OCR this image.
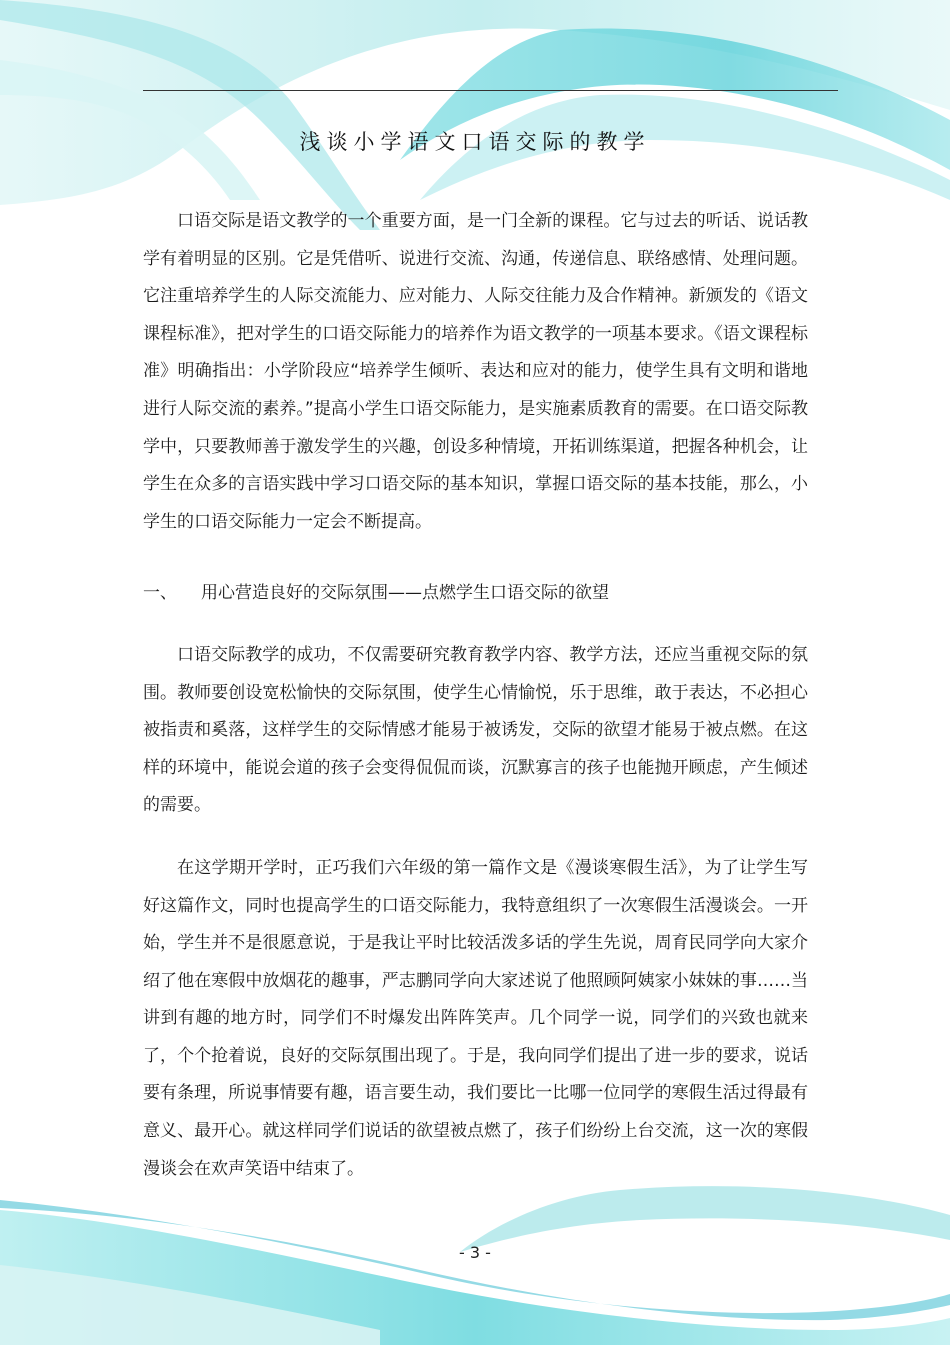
浅谈小学语文口语交际的教学

口语交际是语文教学的一个重要方面，是一门全新的课程。它与过去的听话、说话教学有着明显的区别。它是凭借听、说进行交流、沟通，传递信息、联络感情、处理问题。它注重培养学生的人际交流能力、应对能力、人际交往能力及合作精神。新颁发的《语文课程标准》，把对学生的口语交际能力的培养作为语文教学的一项基本要求。《语文课程标准》明确指出：小学阶段应“培养学生倾听、表达和应对的能力，使学生具有文明和谐地进行人际交流的素养。”提高小学生口语交际能力，是实施素质教育的需要。在口语交际教学中，只要教师善于激发学生的兴趣，创设多种情境，开拓训练渠道，把握各种机会，让学生在众多的言语实践中学习口语交际的基本知识，掌握口语交际的基本技能，那么，小学生的口语交际能力一定会不断提高。

一、	用心营造良好的交际氛围——点燃学生口语交际的欲望

口语交际教学的成功，不仅需要研究教育教学内容、教学方法，还应当重视交际的氛围。教师要创设宽松愉快的交际氛围，使学生心情愉悦，乐于思维，敢于表达，不必担心被指责和奚落，这样学生的交际情感才能易于被诱发，交际的欲望才能易于被点燃。在这样的环境中，能说会道的孩子会变得侃侃而谈，沉默寡言的孩子也能抛开顾虑，产生倾述的需要。

在这学期开学时，正巧我们六年级的第一篇作文是《漫谈寒假生活》，为了让学生写好这篇作文，同时也提高学生的口语交际能力，我特意组织了一次寒假生活漫谈会。一开始，学生并不是很愿意说，于是我让平时比较活泼多话的学生先说，周育民同学向大家介绍了他在寒假中放烟花的趣事，严志鹏同学向大家述说了他照顾阿姨家小妹妹的事……当讲到有趣的地方时，同学们不时爆发出阵阵笑声。几个同学一说，同学们的兴致也就来了，个个抢着说，良好的交际氛围出现了。于是，我向同学们提出了进一步的要求，说话要有条理，所说事情要有趣，语言要生动，我们要比一比哪一位同学的寒假生活过得最有意义、最开心。就这样同学们说话的欲望被点燃了，孩子们纷纷上台交流，这一次的寒假漫谈会在欢声笑语中结束了。

- 3 -
